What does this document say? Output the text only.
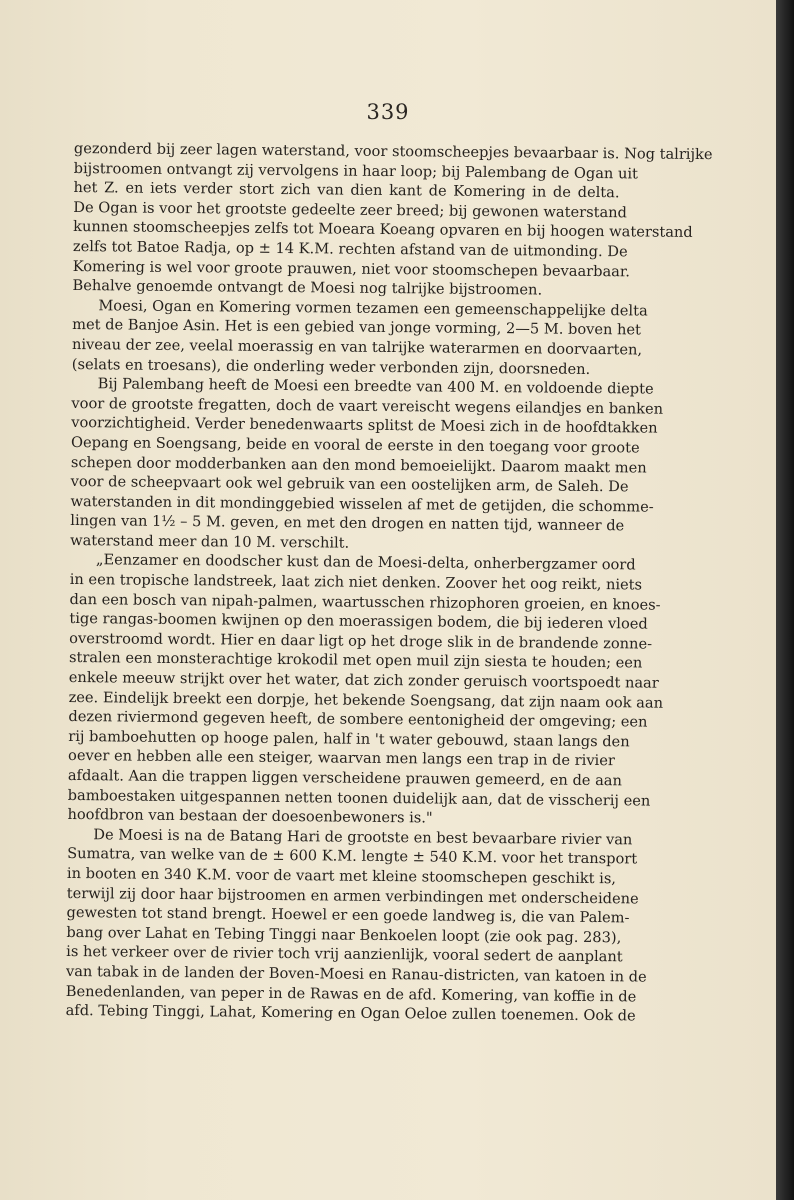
339
gezonderd bij zeer lagen waterstand, voor stoomscheepjes bevaarbaar is. Nog talrijke
bijstroomen ontvangt zij vervolgens in haar loop; bij Palembang de Ogan uit
het Z. en iets verder stort zich van dien kant de Komering in de delta.
De Ogan is voor het grootste gedeelte zeer breed; bij gewonen waterstand
kunnen stoomscheepjes zelfs tot Moeara Koeang opvaren en bij hoogen waterstand
zelfs tot Batoe Radja, op ± 14 K.M. rechten afstand van de uitmonding. De
Komering is wel voor groote prauwen, niet voor stoomschepen bevaarbaar.
Behalve genoemde ontvangt de Moesi nog talrijke bijstroomen.
Moesi, Ogan en Komering vormen tezamen een gemeenschappelijke delta
met de Banjoe Asin. Het is een gebied van jonge vorming, 2—5 M. boven het
niveau der zee, veelal moerassig en van talrijke waterarmen en doorvaarten,
(selats en troesans), die onderling weder verbonden zijn, doorsneden.
Bij Palembang heeft de Moesi een breedte van 400 M. en voldoende diepte
voor de grootste fregatten, doch de vaart vereischt wegens eilandjes en banken
voorzichtigheid. Verder benedenwaarts splitst de Moesi zich in de hoofdtakken
Oepang en Soengsang, beide en vooral de eerste in den toegang voor groote
schepen door modderbanken aan den mond bemoeielijkt. Daarom maakt men
voor de scheepvaart ook wel gebruik van een oostelijken arm, de Saleh. De
waterstanden in dit mondinggebied wisselen af met de getijden, die schomme-
lingen van 1½ – 5 M. geven, en met den drogen en natten tijd, wanneer de
waterstand meer dan 10 M. verschilt.
„Eenzamer en doodscher kust dan de Moesi-delta, onherbergzamer oord
in een tropische landstreek, laat zich niet denken. Zoover het oog reikt, niets
dan een bosch van nipah-palmen, waartusschen rhizophoren groeien, en knoes-
tige rangas-boomen kwijnen op den moerassigen bodem, die bij iederen vloed
overstroomd wordt. Hier en daar ligt op het droge slik in de brandende zonne-
stralen een monsterachtige krokodil met open muil zijn siesta te houden; een
enkele meeuw strijkt over het water, dat zich zonder geruisch voortspoedt naar
zee. Eindelijk breekt een dorpje, het bekende Soengsang, dat zijn naam ook aan
dezen riviermond gegeven heeft, de sombere eentonigheid der omgeving; een
rij bamboehutten op hooge palen, half in 't water gebouwd, staan langs den
oever en hebben alle een steiger, waarvan men langs een trap in de rivier
afdaalt. Aan die trappen liggen verscheidene prauwen gemeerd, en de aan
bamboestaken uitgespannen netten toonen duidelijk aan, dat de visscherij een
hoofdbron van bestaan der doesoenbewoners is."
De Moesi is na de Batang Hari de grootste en best bevaarbare rivier van
Sumatra, van welke van de ± 600 K.M. lengte ± 540 K.M. voor het transport
in booten en 340 K.M. voor de vaart met kleine stoomschepen geschikt is,
terwijl zij door haar bijstroomen en armen verbindingen met onderscheidene
gewesten tot stand brengt. Hoewel er een goede landweg is, die van Palem-
bang over Lahat en Tebing Tinggi naar Benkoelen loopt (zie ook pag. 283),
is het verkeer over de rivier toch vrij aanzienlijk, vooral sedert de aanplant
van tabak in de landen der Boven-Moesi en Ranau-districten, van katoen in de
Benedenlanden, van peper in de Rawas en de afd. Komering, van koffie in de
afd. Tebing Tinggi, Lahat, Komering en Ogan Oeloe zullen toenemen. Ook de
